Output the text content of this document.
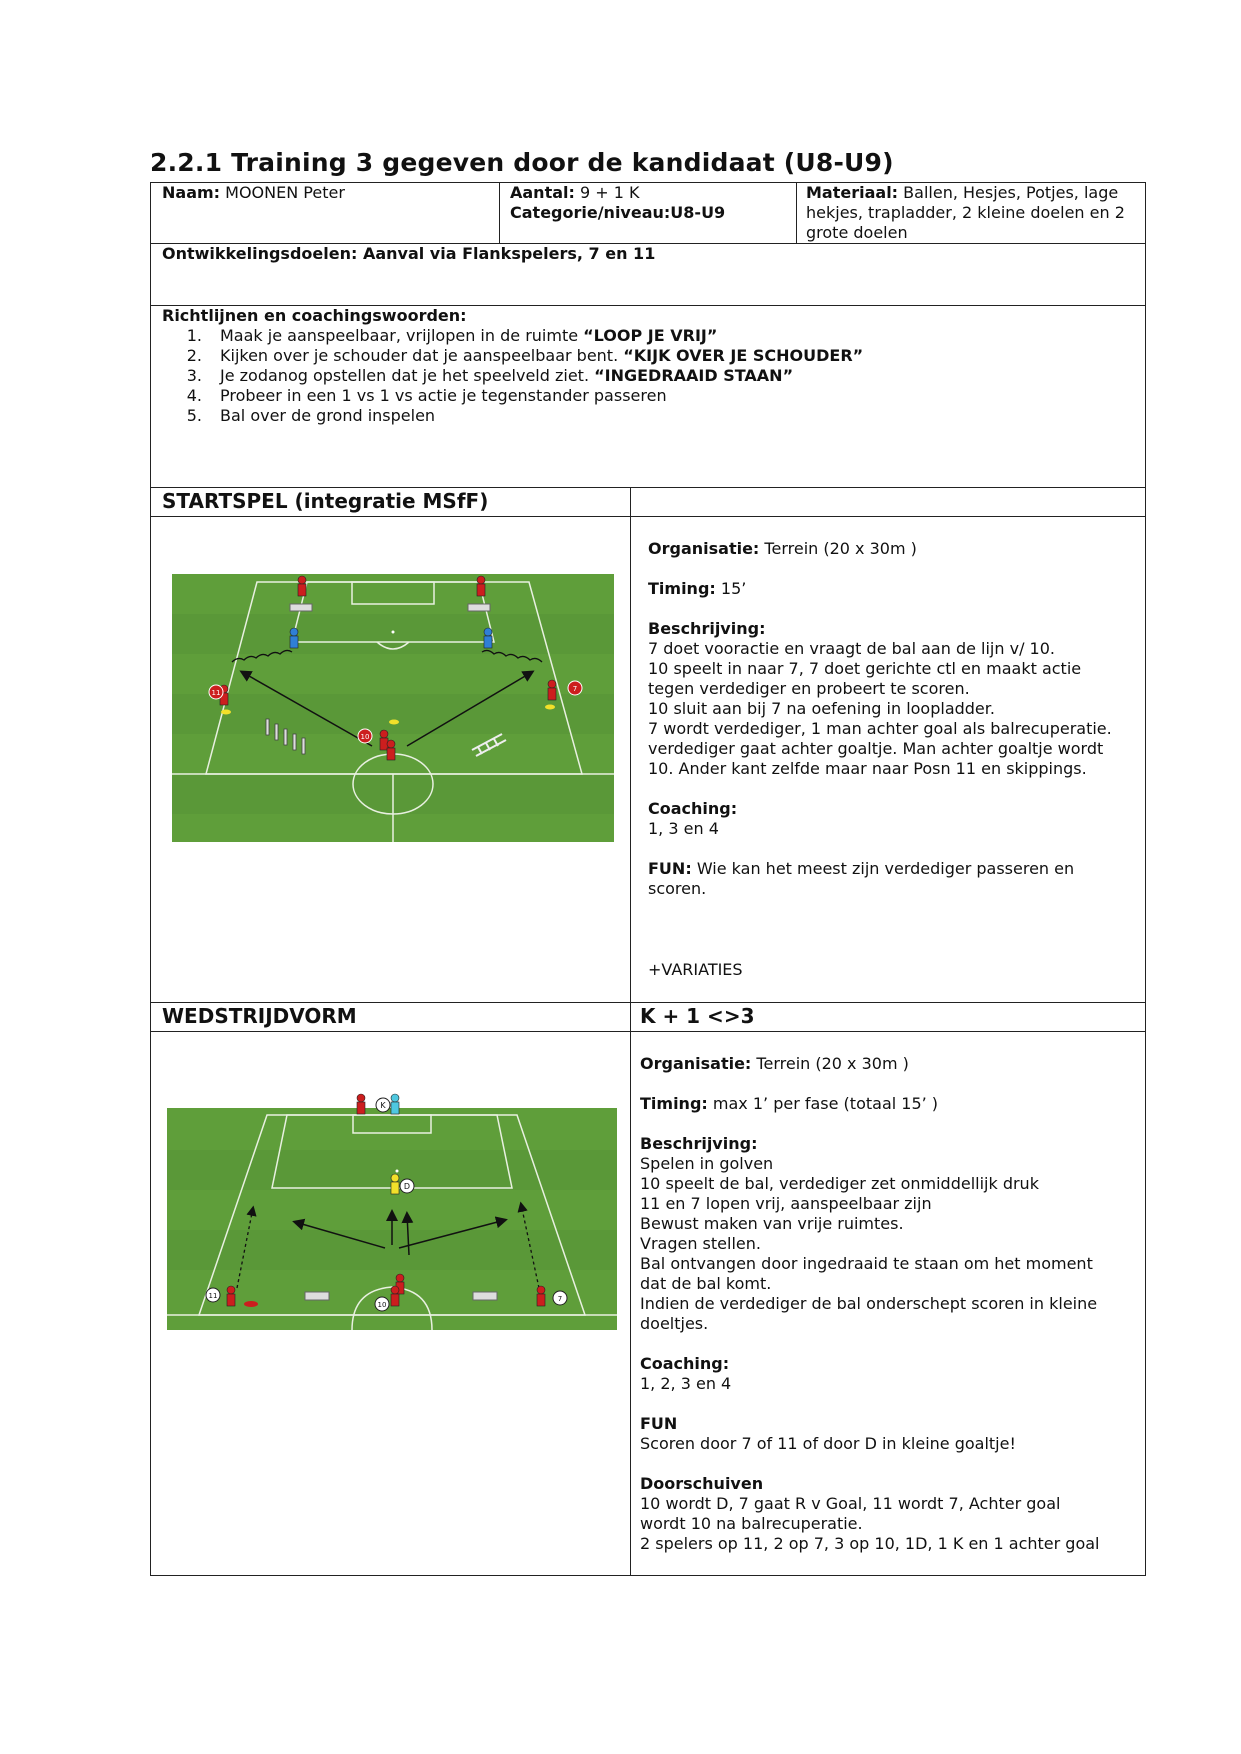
2.2.1 Training 3 gegeven door de kandidaat (U8-U9)
Naam: MOONEN Peter	Aantal: 9 + 1 K
Categorie/niveau:U8-U9
Materiaal: Ballen, Hesjes, Potjes, lage hekjes, trapladder, 2 kleine doelen en 2 grote doelen
Ontwikkelingsdoelen: Aanval via Flankspelers, 7 en 11
Richtlijnen en coachingswoorden:
1.	Maak je aanspeelbaar, vrijlopen in de ruimte “LOOP JE VRIJ”
2.	Kijken over je schouder dat je aanspeelbaar bent. “KIJK OVER JE SCHOUDER”
3.	Je zodanog opstellen dat je het speelveld ziet. “INGEDRAAID STAAN”
4.	Probeer in een 1 vs 1 vs actie je tegenstander passeren
5.	Bal over de grond inspelen
STARTSPEL (integratie MSfF)
11	7
10
Organisatie: Terrein (20 x 30m )
Timing: 15’
Beschrijving:
7 doet vooractie en vraagt de bal aan de lijn v/ 10.
10 speelt in naar 7, 7 doet gerichte ctl en maakt actie
tegen verdediger en probeert te scoren.
10 sluit aan bij 7 na oefening in loopladder.
7 wordt verdediger, 1 man achter goal als balrecuperatie.
verdediger gaat achter goaltje. Man achter goaltje wordt
10. Ander kant zelfde maar naar Posn 11 en skippings.
Coaching:
1, 3 en 4
FUN: Wie kan het meest zijn verdediger passeren en
scoren.
+VARIATIES
WEDSTRIJDVORM	K + 1 <>3
K
D
11
10
7
Organisatie: Terrein (20 x 30m )
Timing: max 1’ per fase (totaal 15’ )
Beschrijving:
Spelen in golven
10 speelt de bal, verdediger zet onmiddellijk druk
11 en 7 lopen vrij, aanspeelbaar zijn
Bewust maken van vrije ruimtes.
Vragen stellen.
Bal ontvangen door ingedraaid te staan om het moment
dat de bal komt.
Indien de verdediger de bal onderschept scoren in kleine
doeltjes.
Coaching:
1, 2, 3 en 4
FUN
Scoren door 7 of 11 of door D in kleine goaltje!
Doorschuiven
10 wordt D, 7 gaat R v Goal, 11 wordt 7, Achter goal
wordt 10 na balrecuperatie.
2 spelers op 11, 2 op 7, 3 op 10, 1D, 1 K en 1 achter goal
